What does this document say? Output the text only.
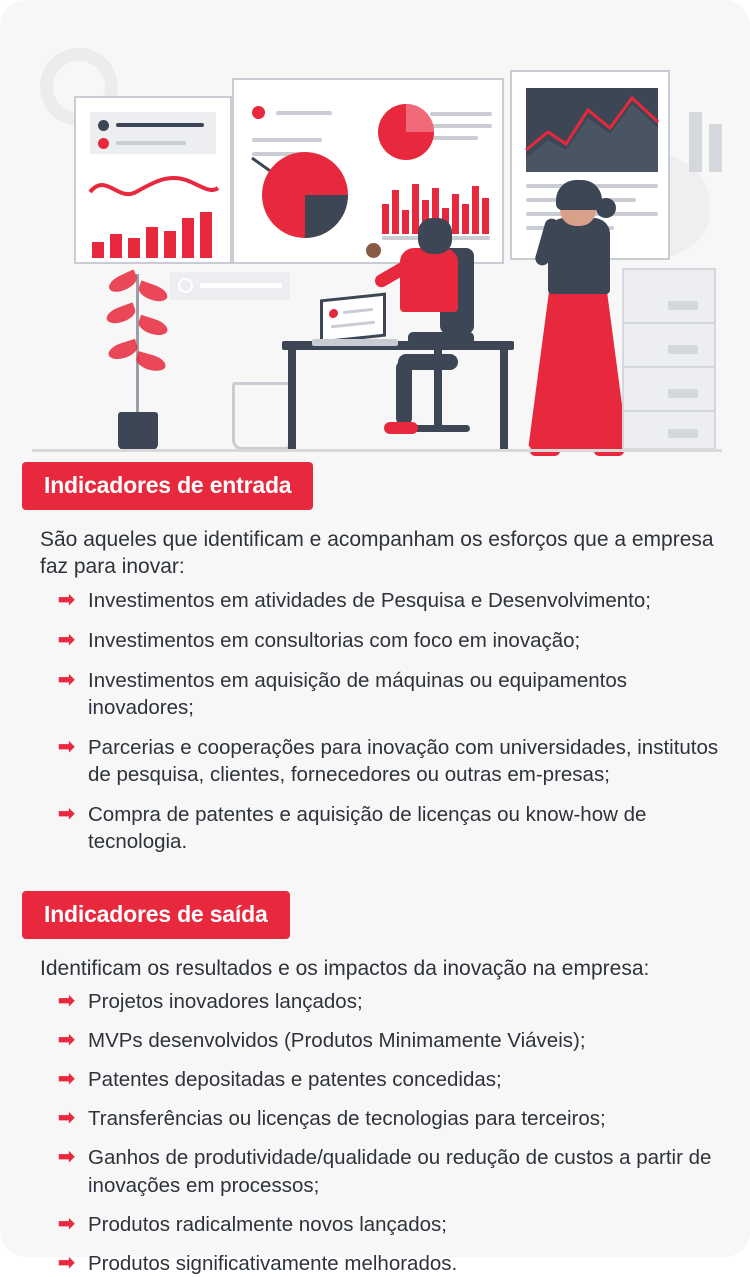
Indicadores de entrada

São aqueles que identificam e acompanham os esforços que a empresa faz para inovar:

➡ Investimentos em atividades de Pesquisa e Desenvolvimento;
➡ Investimentos em consultorias com foco em inovação;
➡ Investimentos em aquisição de máquinas ou equipamentos inovadores;
➡ Parcerias e cooperações para inovação com universidades, institutos de pesquisa, clientes, fornecedores ou outras em-presas;
➡ Compra de patentes e aquisição de licenças ou know-how de tecnologia.
Indicadores de saída

Identificam os resultados e os impactos da inovação na empresa:

➡ Projetos inovadores lançados;
➡ MVPs desenvolvidos (Produtos Minimamente Viáveis);
➡ Patentes depositadas e patentes concedidas;
➡ Transferências ou licenças de tecnologias para terceiros;
➡ Ganhos de produtividade/qualidade ou redução de custos a partir de inovações em processos;
➡ Produtos radicalmente novos lançados;
➡ Produtos significativamente melhorados.
